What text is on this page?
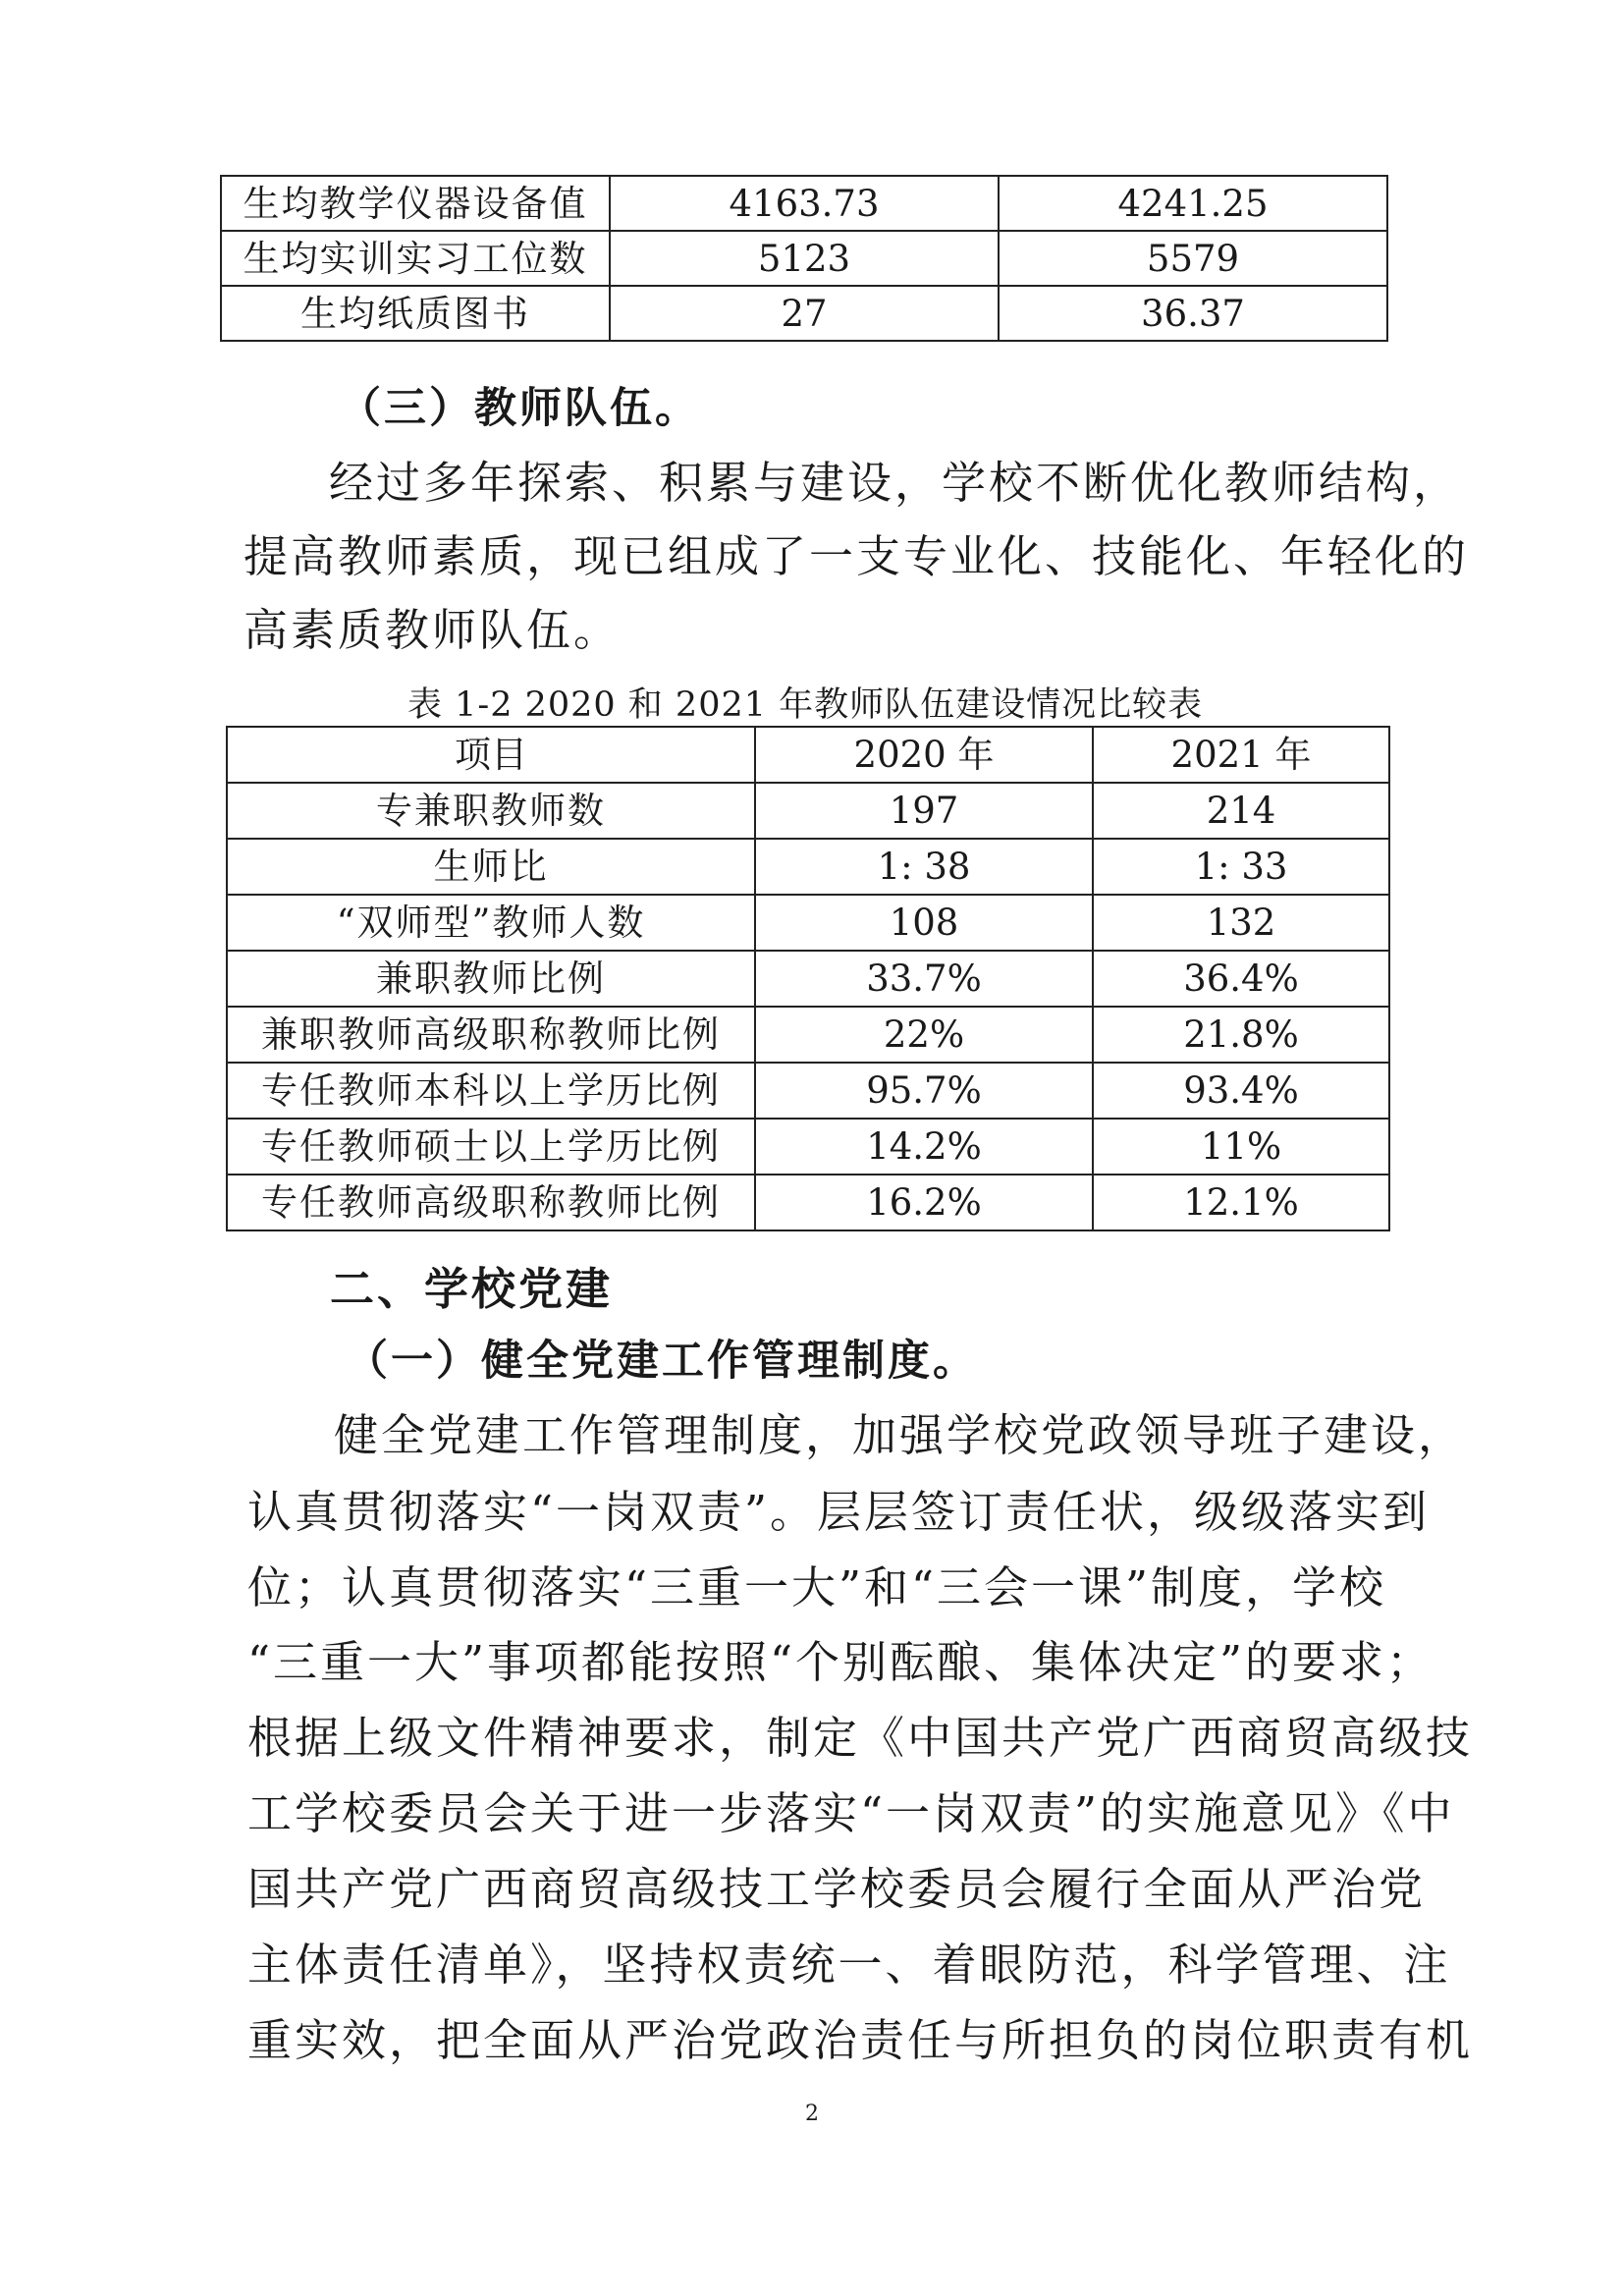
生均教学仪器设备值	4163.73	4241.25
生均实训实习工位数	5123	5579
生均纸质图书	27	36.37
（三）教师队伍。
经过多年探索、积累与建设，学校不断优化教师结构，
提高教师素质，现已组成了一支专业化、技能化、年轻化的
高素质教师队伍。
表 1-2 2020 和 2021 年教师队伍建设情况比较表
项目	2020 年	2021 年
专兼职教师数	197	214
生师比	1: 38	1: 33
“双师型”教师人数	108	132
兼职教师比例	33.7%	36.4%
兼职教师高级职称教师比例	22%	21.8%
专任教师本科以上学历比例	95.7%	93.4%
专任教师硕士以上学历比例	14.2%	11%
专任教师高级职称教师比例	16.2%	12.1%
二、学校党建
（一）健全党建工作管理制度。
健全党建工作管理制度，加强学校党政领导班子建设，
认真贯彻落实“一岗双责”。层层签订责任状，级级落实到
位；认真贯彻落实“三重一大”和“三会一课”制度，学校
“三重一大”事项都能按照“个别酝酿、集体决定”的要求；
根据上级文件精神要求，制定《中国共产党广西商贸高级技
工学校委员会关于进一步落实“一岗双责”的实施意见》《中
国共产党广西商贸高级技工学校委员会履行全面从严治党
主体责任清单》，坚持权责统一、着眼防范，科学管理、注
重实效，把全面从严治党政治责任与所担负的岗位职责有机
2
